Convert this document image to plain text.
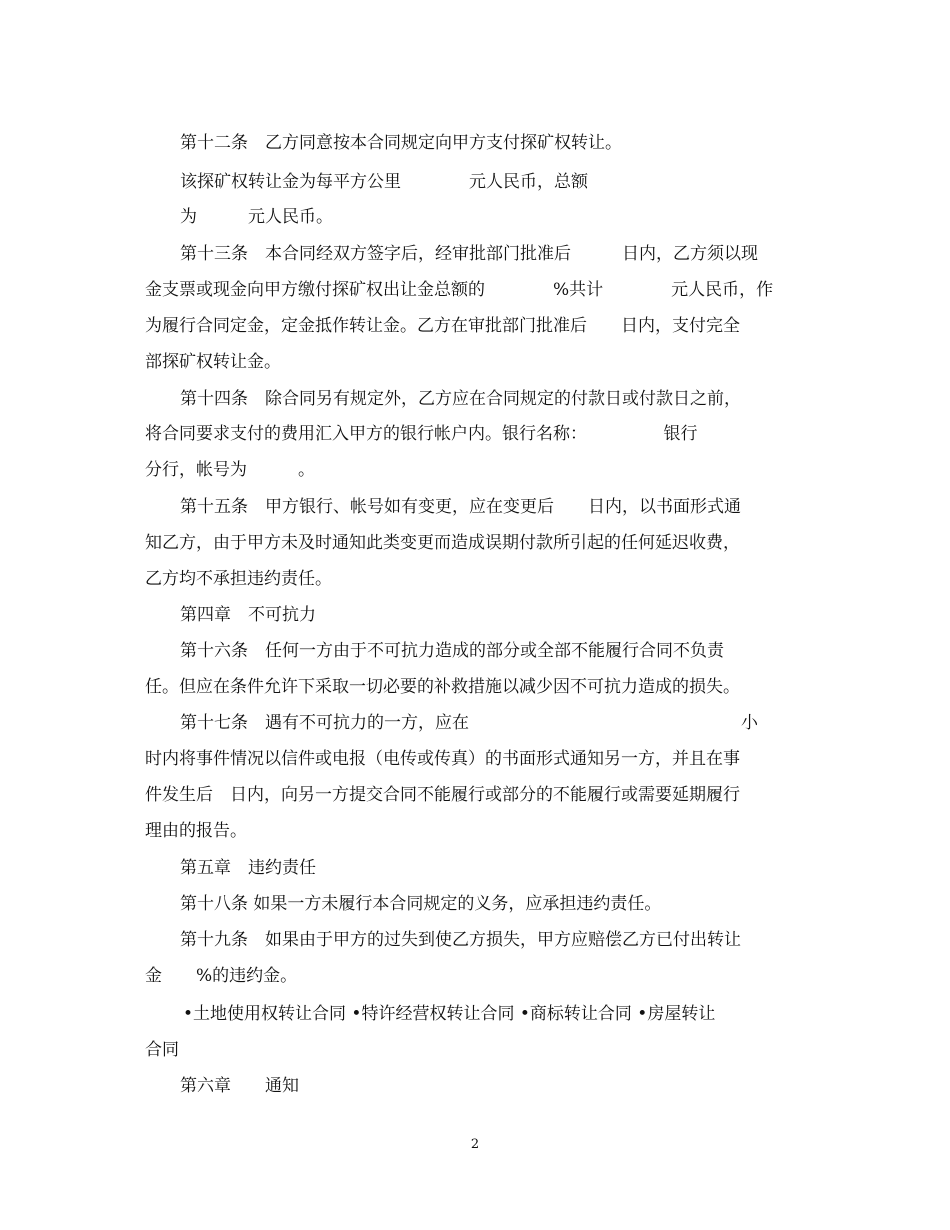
第十二条　乙方同意按本合同规定向甲方支付探矿权转让。

该探矿权转让金为每平方公里　　　　元人民币，总额

为　　　元人民币。

第十三条　本合同经双方签字后，经审批部门批准后　　　日内，乙方须以现

金支票或现金向甲方缴付探矿权出让金总额的　　　　%共计　　　　元人民币，作

为履行合同定金，定金抵作转让金。乙方在审批部门批准后　　日内，支付完全

部探矿权转让金。

第十四条　除合同另有规定外，乙方应在合同规定的付款日或付款日之前，

将合同要求支付的费用汇入甲方的银行帐户内。银行名称：　　　　　银行

分行，帐号为　　　。

第十五条　甲方银行、帐号如有变更，应在变更后　　日内，以书面形式通

知乙方，由于甲方未及时通知此类变更而造成误期付款所引起的任何延迟收费，

乙方均不承担违约责任。

第四章　不可抗力

第十六条　任何一方由于不可抗力造成的部分或全部不能履行合同不负责

任。但应在条件允许下采取一切必要的补救措施以减少因不可抗力造成的损失。

第十七条　遇有不可抗力的一方，应在　　　　　　　　　　　　　　　　小

时内将事件情况以信件或电报（电传或传真）的书面形式通知另一方，并且在事

件发生后　日内，向另一方提交合同不能履行或部分的不能履行或需要延期履行

理由的报告。

第五章　违约责任

第十八条 如果一方未履行本合同规定的义务，应承担违约责任。

第十九条　如果由于甲方的过失到使乙方损失，甲方应赔偿乙方已付出转让

金　　%的违约金。

•土地使用权转让合同 •特许经营权转让合同 •商标转让合同 •房屋转让

合同

第六章　　通知

2
